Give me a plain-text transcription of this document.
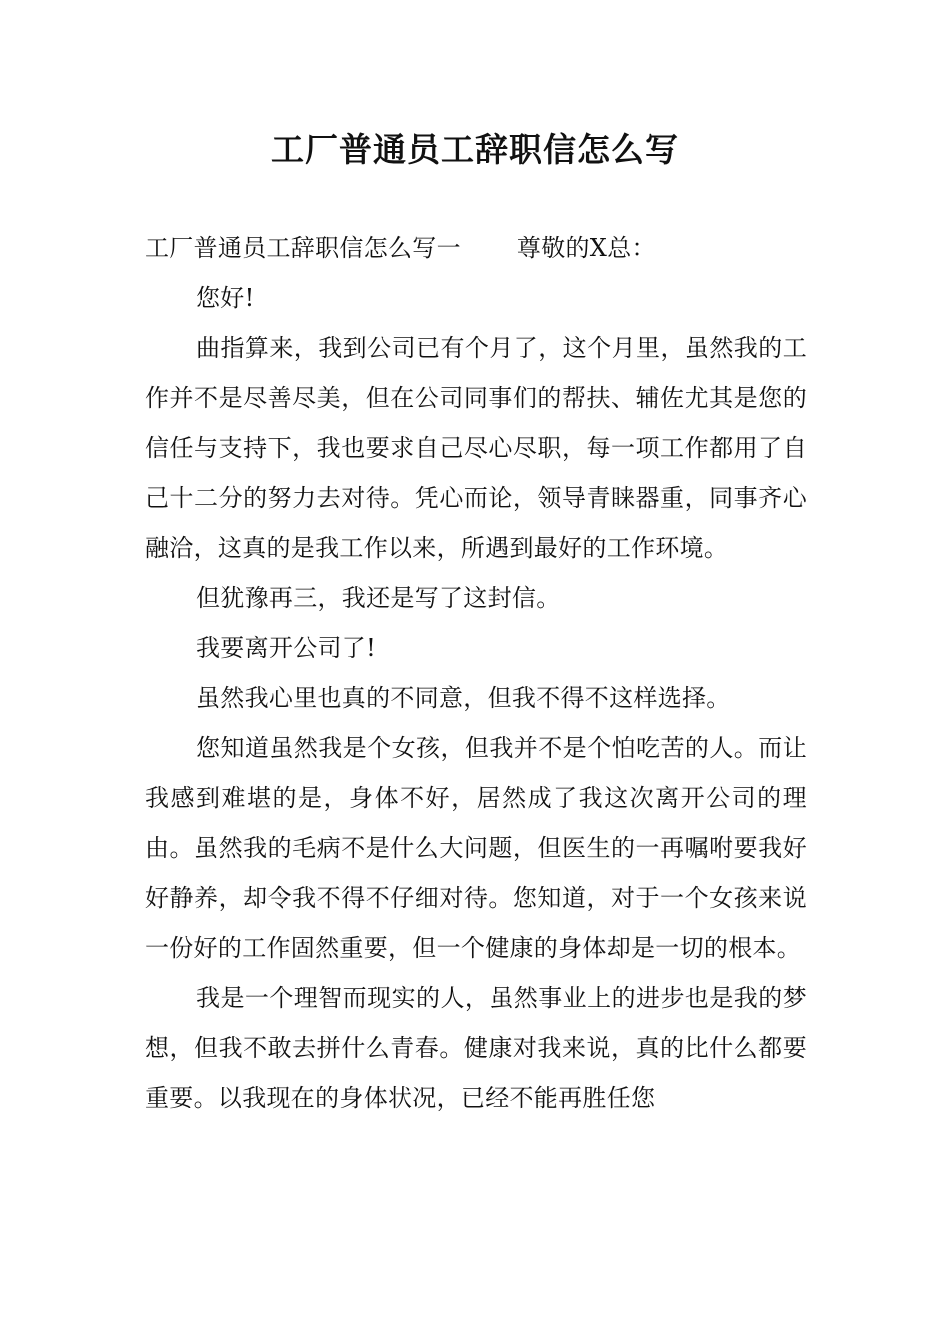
工厂普通员工辞职信怎么写

工厂普通员工辞职信怎么写一 尊敬的X总：

您好!

曲指算来，我到公司已有个月了，这个月里，虽然我的工作并不是尽善尽美，但在公司同事们的帮扶、辅佐尤其是您的信任与支持下，我也要求自己尽心尽职，每一项工作都用了自己十二分的努力去对待。凭心而论，领导青睐器重，同事齐心融洽，这真的是我工作以来，所遇到最好的工作环境。

但犹豫再三，我还是写了这封信。

我要离开公司了!

虽然我心里也真的不同意，但我不得不这样选择。

您知道虽然我是个女孩，但我并不是个怕吃苦的人。而让我感到难堪的是，身体不好，居然成了我这次离开公司的理由。虽然我的毛病不是什么大问题，但医生的一再嘱咐要我好好静养，却令我不得不仔细对待。您知道，对于一个女孩来说一份好的工作固然重要，但一个健康的身体却是一切的根本。

我是一个理智而现实的人，虽然事业上的进步也是我的梦想，但我不敢去拼什么青春。健康对我来说，真的比什么都要重要。以我现在的身体状况，已经不能再胜任您
